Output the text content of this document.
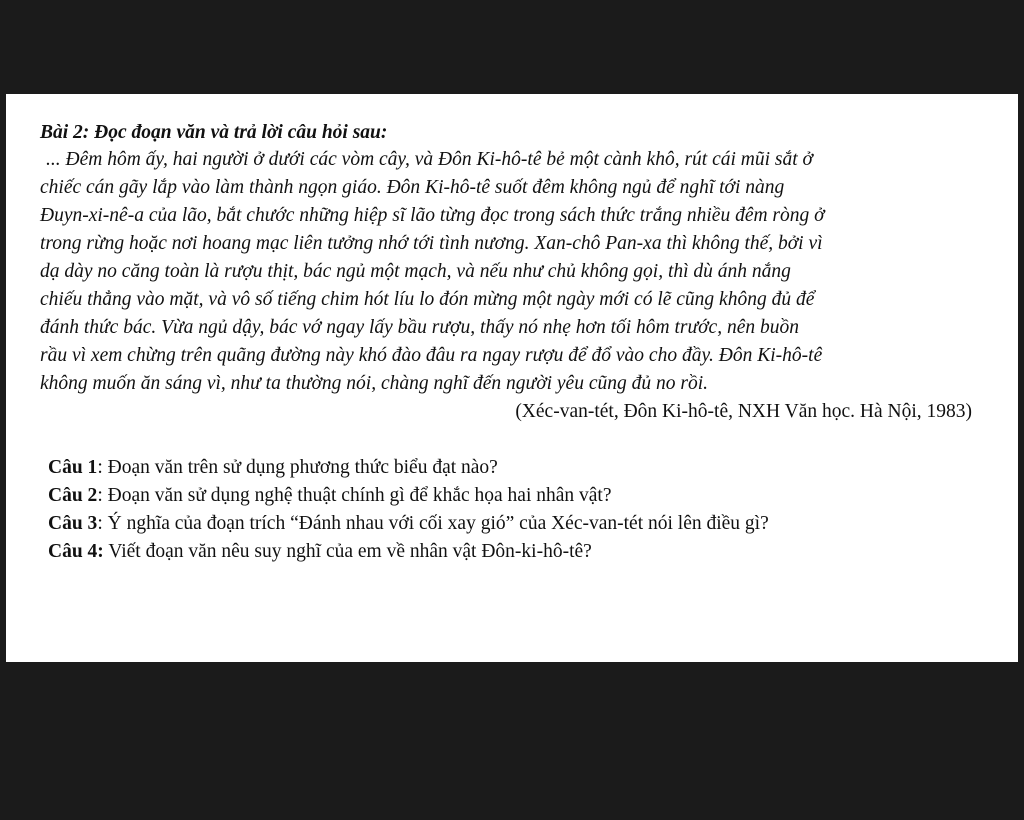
Bài 2: Đọc đoạn văn và trả lời câu hỏi sau:

... Đêm hôm ấy, hai người ở dưới các vòm cây, và Đôn Ki-hô-tê bẻ một cành khô, rút cái mũi sắt ở
chiếc cán gãy lắp vào làm thành ngọn giáo. Đôn Ki-hô-tê suốt đêm không ngủ để nghĩ tới nàng
Đuyn-xi-nê-a của lão, bắt chước những hiệp sĩ lão từng đọc trong sách thức trắng nhiều đêm ròng ở
trong rừng hoặc nơi hoang mạc liên tưởng nhớ tới tình nương. Xan-chô Pan-xa thì không thế, bởi vì
dạ dày no căng toàn là rượu thịt, bác ngủ một mạch, và nếu như chủ không gọi, thì dù ánh nắng
chiếu thẳng vào mặt, và vô số tiếng chim hót líu lo đón mừng một ngày mới có lẽ cũng không đủ để
đánh thức bác. Vừa ngủ dậy, bác vớ ngay lấy bầu rượu, thấy nó nhẹ hơn tối hôm trước, nên buồn
rầu vì xem chừng trên quãng đường này khó đào đâu ra ngay rượu để đổ vào cho đầy. Đôn Ki-hô-tê
không muốn ăn sáng vì, như ta thường nói, chàng nghĩ đến người yêu cũng đủ no rồi.

(Xéc-van-tét, Đôn Ki-hô-tê, NXH Văn học. Hà Nội, 1983)

Câu 1: Đoạn văn trên sử dụng phương thức biểu đạt nào?

Câu 2: Đoạn văn sử dụng nghệ thuật chính gì để khắc họa hai nhân vật?

Câu 3: Ý nghĩa của đoạn trích “Đánh nhau với cối xay gió” của Xéc-van-tét nói lên điều gì?

Câu 4: Viết đoạn văn nêu suy nghĩ của em về nhân vật Đôn-ki-hô-tê?
